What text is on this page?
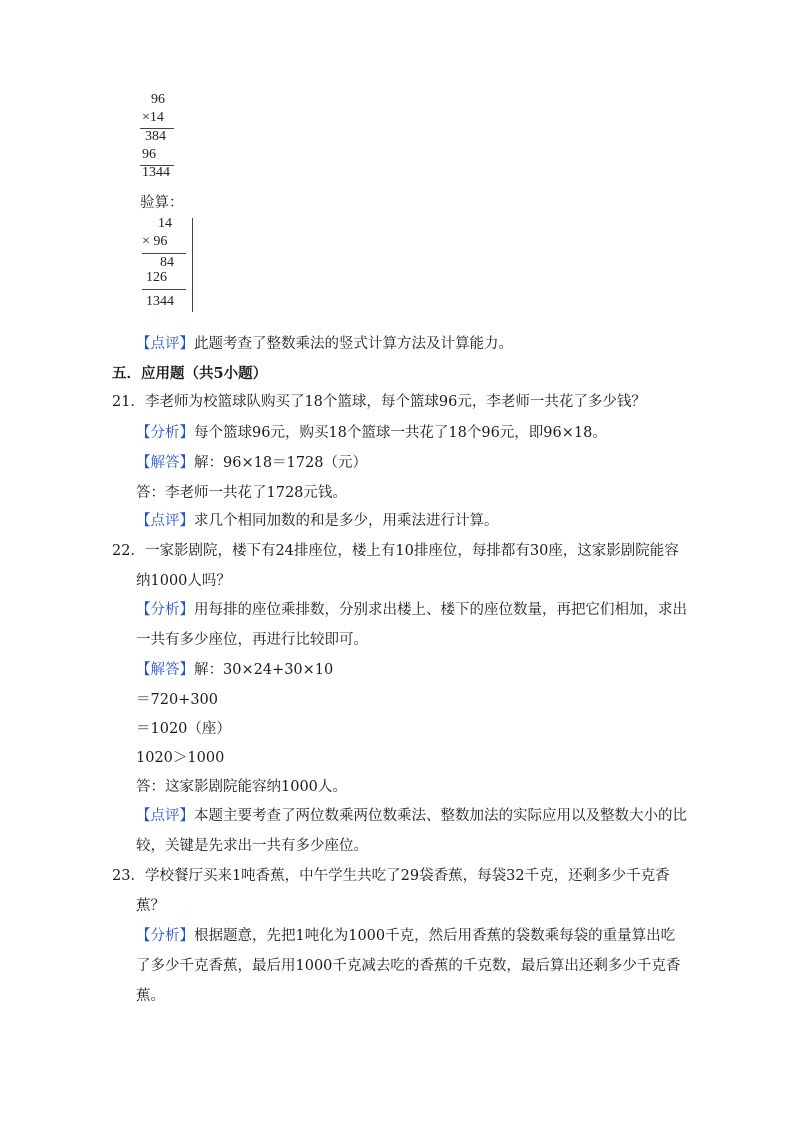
96
×14
384
96
1344
验算：
14
× 96
84
126
1344
【点评】此题考查了整数乘法的竖式计算方法及计算能力。
五．应用题（共5小题）
21．李老师为校篮球队购买了18个篮球，每个篮球96元，李老师一共花了多少钱？
【分析】每个篮球96元，购买18个篮球一共花了18个96元，即96×18。
【解答】解：96×18＝1728（元）
答：李老师一共花了1728元钱。
【点评】求几个相同加数的和是多少，用乘法进行计算。
22．一家影剧院，楼下有24排座位，楼上有10排座位，每排都有30座，这家影剧院能容
纳1000人吗？
【分析】用每排的座位乘排数，分别求出楼上、楼下的座位数量，再把它们相加，求出
一共有多少座位，再进行比较即可。
【解答】解：30×24+30×10
＝720+300
＝1020（座）
1020＞1000
答：这家影剧院能容纳1000人。
【点评】本题主要考查了两位数乘两位数乘法、整数加法的实际应用以及整数大小的比
较，关键是先求出一共有多少座位。
23．学校餐厅买来1吨香蕉，中午学生共吃了29袋香蕉，每袋32千克，还剩多少千克香
蕉？
【分析】根据题意，先把1吨化为1000千克，然后用香蕉的袋数乘每袋的重量算出吃
了多少千克香蕉，最后用1000千克减去吃的香蕉的千克数，最后算出还剩多少千克香
蕉。
